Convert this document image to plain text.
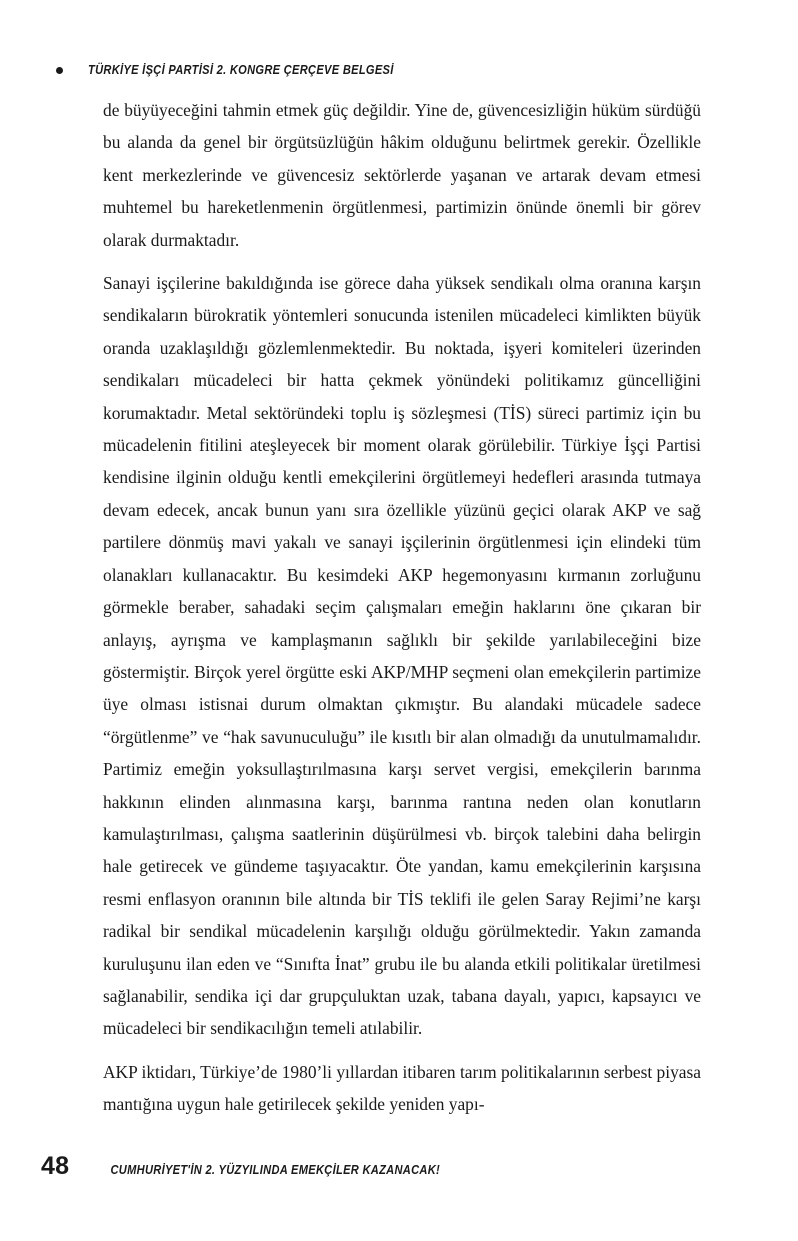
TÜRKİYE İŞÇİ PARTİSİ 2. KONGRE ÇERÇEVE BELGESİ

de büyüyeceğini tahmin etmek güç değildir. Yine de, güvencesizliğin hüküm sürdüğü bu alanda da genel bir örgütsüzlüğün hâkim olduğunu belirtmek gerekir. Özellikle kent merkezlerinde ve güvencesiz sektörlerde yaşanan ve artarak devam etmesi muhtemel bu hareketlenmenin örgütlenmesi, partimizin önünde önemli bir görev olarak durmaktadır.

Sanayi işçilerine bakıldığında ise görece daha yüksek sendikalı olma oranına karşın sendikaların bürokratik yöntemleri sonucunda istenilen mücadeleci kimlikten büyük oranda uzaklaşıldığı gözlemlenmektedir. Bu noktada, işyeri komiteleri üzerinden sendikaları mücadeleci bir hatta çekmek yönündeki politikamız güncelliğini korumaktadır. Metal sektöründeki toplu iş sözleşmesi (TİS) süreci partimiz için bu mücadelenin fitilini ateşleyecek bir moment olarak görülebilir. Türkiye İşçi Partisi kendisine ilginin olduğu kentli emekçilerini örgütlemeyi hedefleri arasında tutmaya devam edecek, ancak bunun yanı sıra özellikle yüzünü geçici olarak AKP ve sağ partilere dönmüş mavi yakalı ve sanayi işçilerinin örgütlenmesi için elindeki tüm olanakları kullanacaktır. Bu kesimdeki AKP hegemonyasını kırmanın zorluğunu görmekle beraber, sahadaki seçim çalışmaları emeğin haklarını öne çıkaran bir anlayış, ayrışma ve kamplaşmanın sağlıklı bir şekilde yarılabileceğini bize göstermiştir. Birçok yerel örgütte eski AKP/MHP seçmeni olan emekçilerin partimize üye olması istisnai durum olmaktan çıkmıştır. Bu alandaki mücadele sadece “örgütlenme” ve “hak savunuculuğu” ile kısıtlı bir alan olmadığı da unutulmamalıdır. Partimiz emeğin yoksullaştırılmasına karşı servet vergisi, emekçilerin barınma hakkının elinden alınmasına karşı, barınma rantına neden olan konutların kamulaştırılması, çalışma saatlerinin düşürülmesi vb. birçok talebini daha belirgin hale getirecek ve gündeme taşıyacaktır. Öte yandan, kamu emekçilerinin karşısına resmi enflasyon oranının bile altında bir TİS teklifi ile gelen Saray Rejimi’ne karşı radikal bir sendikal mücadelenin karşılığı olduğu görülmektedir. Yakın zamanda kuruluşunu ilan eden ve “Sınıfta İnat” grubu ile bu alanda etkili politikalar üretilmesi sağlanabilir, sendika içi dar grupçuluktan uzak, tabana dayalı, yapıcı, kapsayıcı ve mücadeleci bir sendikacılığın temeli atılabilir.

AKP iktidarı, Türkiye’de 1980’li yıllardan itibaren tarım politikalarının serbest piyasa mantığına uygun hale getirilecek şekilde yeniden yapı-

48	CUMHURİYET'İN 2. YÜZYILINDA EMEKÇİLER KAZANACAK!
